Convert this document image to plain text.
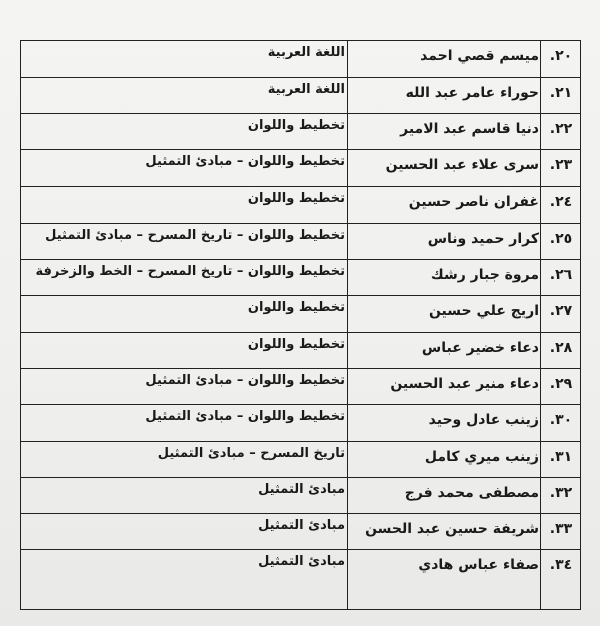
اللغة العربية	ميسم قصي احمد .٢٠
اللغة العربية	حوراء عامر عبد الله .٢١
تخطيط واللوان	دنيا قاسم عبد الامير .٢٢
تخطيط واللوان – مبادئ التمثيل	سرى علاء عبد الحسين .٢٣
تخطيط واللوان	غفران ناصر حسين .٢٤
تخطيط واللوان – تاريخ المسرح – مبادئ التمثيل	كرار حميد وناس .٢٥
تخطيط واللوان – تاريخ المسرح – الخط والزخرفة	مروة جبار رشك .٢٦
تخطيط واللوان	اريج علي حسين .٢٧
تخطيط واللوان	دعاء خضير عباس .٢٨
تخطيط واللوان – مبادئ التمثيل	دعاء منير عبد الحسين .٢٩
تخطيط واللوان – مبادئ التمثيل	زينب عادل وحيد .٣٠
تاريخ المسرح – مبادئ التمثيل	زينب ميري كامل .٣١
مبادئ التمثيل	مصطفى محمد فرج .٣٢
مبادئ التمثيل	شريفة حسين عبد الحسن .٣٣
مبادئ التمثيل	صفاء عباس هادي .٣٤
